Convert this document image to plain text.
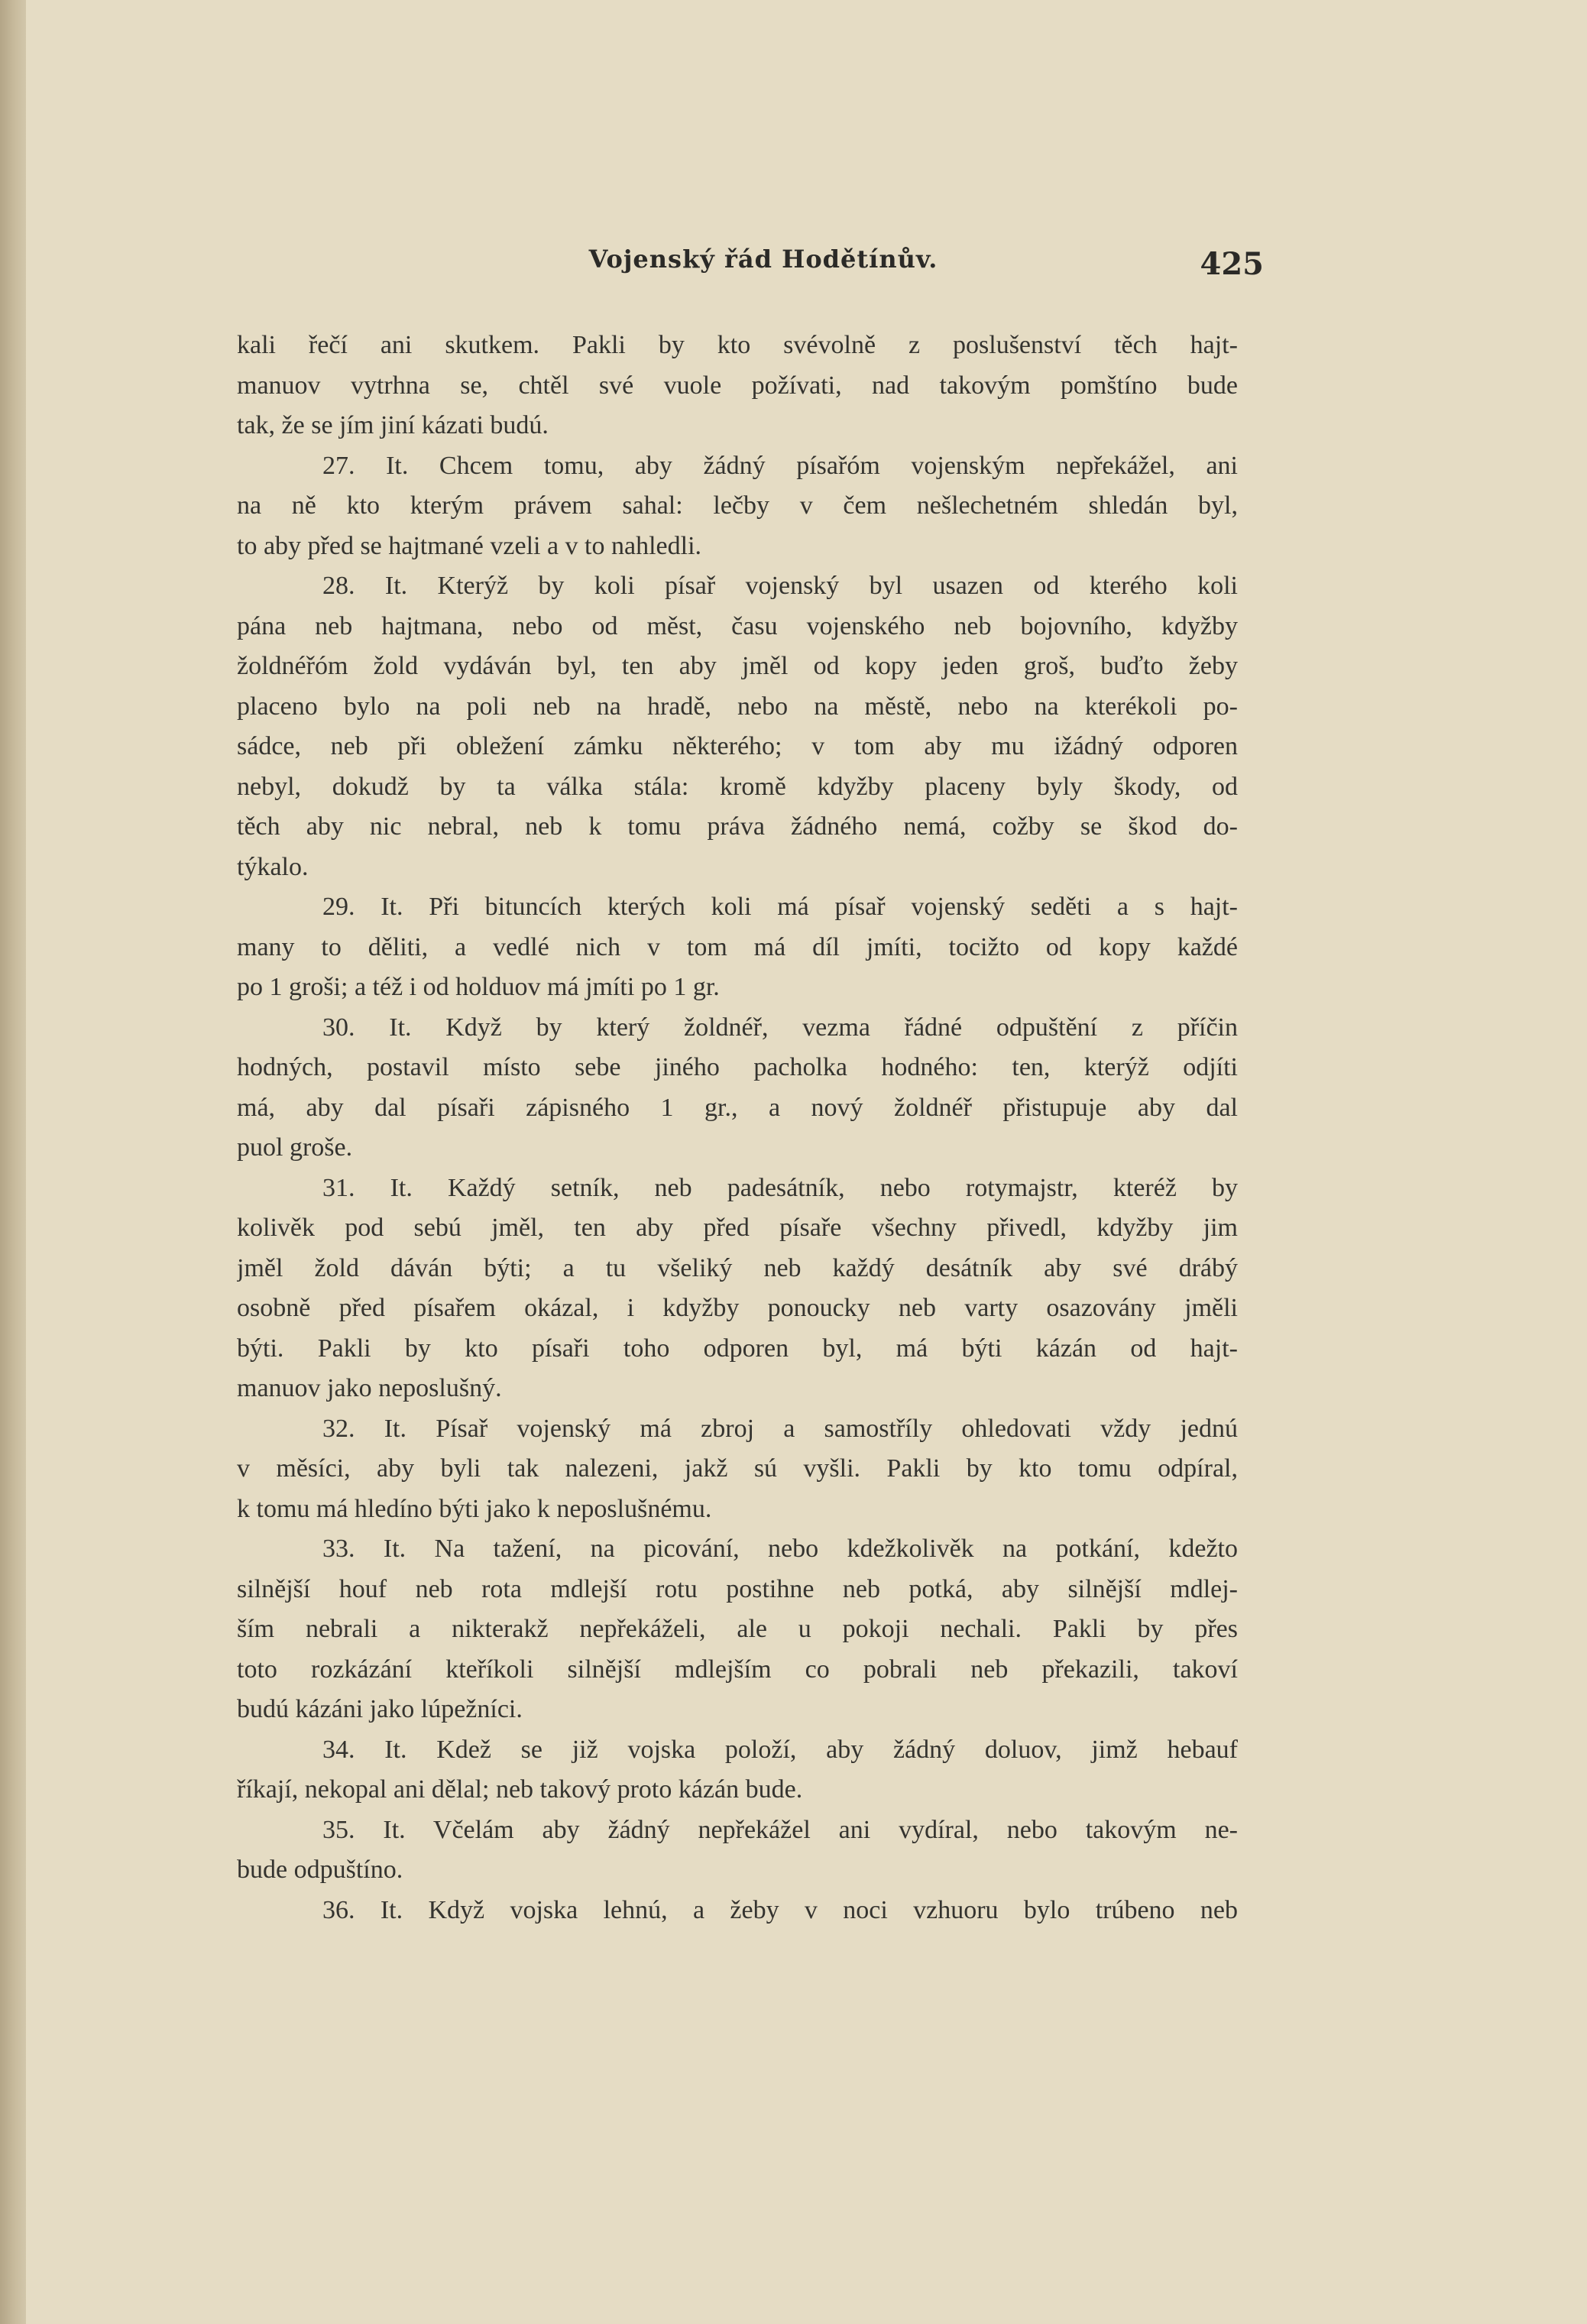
Vojenský řád Hodětínův.	425
kali řečí ani skutkem. Pakli by kto svévolně z poslušenství těch hajt-
manuov vytrhna se, chtěl své vuole požívati, nad takovým pomštíno bude
tak, že se jím jiní kázati budú.
27. It. Chcem tomu, aby žádný písařóm vojenským nepřekážel, ani
na ně kto kterým právem sahal: lečby v čem nešlechetném shledán byl,
to aby před se hajtmané vzeli a v to nahledli.
28. It. Kterýž by koli písař vojenský byl usazen od kterého koli
pána neb hajtmana, nebo od měst, času vojenského neb bojovního, kdyžby
žoldnéřóm žold vydáván byl, ten aby jměl od kopy jeden groš, buďto žeby
placeno bylo na poli neb na hradě, nebo na městě, nebo na kterékoli po-
sádce, neb při obležení zámku některého; v tom aby mu ižádný odporen
nebyl, dokudž by ta válka stála: kromě kdyžby placeny byly škody, od
těch aby nic nebral, neb k tomu práva žádného nemá, cožby se škod do-
týkalo.
29. It. Při bituncích kterých koli má písař vojenský seděti a s hajt-
many to děliti, a vedlé nich v tom má díl jmíti, tocižto od kopy každé
po 1 groši; a též i od holduov má jmíti po 1 gr.
30. It. Když by který žoldnéř, vezma řádné odpuštění z příčin
hodných, postavil místo sebe jiného pacholka hodného: ten, kterýž odjíti
má, aby dal písaři zápisného 1 gr., a nový žoldnéř přistupuje aby dal
puol groše.
31. It. Každý setník, neb padesátník, nebo rotymajstr, kteréž by
kolivěk pod sebú jměl, ten aby před písaře všechny přivedl, kdyžby jim
jměl žold dáván býti; a tu všeliký neb každý desátník aby své drábý
osobně před písařem okázal, i kdyžby ponoucky neb varty osazovány jměli
býti. Pakli by kto písaři toho odporen byl, má býti kázán od hajt-
manuov jako neposlušný.
32. It. Písař vojenský má zbroj a samostříly ohledovati vždy jednú
v měsíci, aby byli tak nalezeni, jakž sú vyšli. Pakli by kto tomu odpíral,
k tomu má hledíno býti jako k neposlušnému.
33. It. Na tažení, na picování, nebo kdežkolivěk na potkání, kdežto
silnější houf neb rota mdlejší rotu postihne neb potká, aby silnější mdlej-
ším nebrali a nikterakž nepřekáželi, ale u pokoji nechali. Pakli by přes
toto rozkázání kteříkoli silnější mdlejším co pobrali neb překazili, takoví
budú kázáni jako lúpežníci.
34. It. Kdež se již vojska položí, aby žádný doluov, jimž hebauf
říkají, nekopal ani dělal; neb takový proto kázán bude.
35. It. Včelám aby žádný nepřekážel ani vydíral, nebo takovým ne-
bude odpuštíno.
36. It. Když vojska lehnú, a žeby v noci vzhuoru bylo trúbeno neb
